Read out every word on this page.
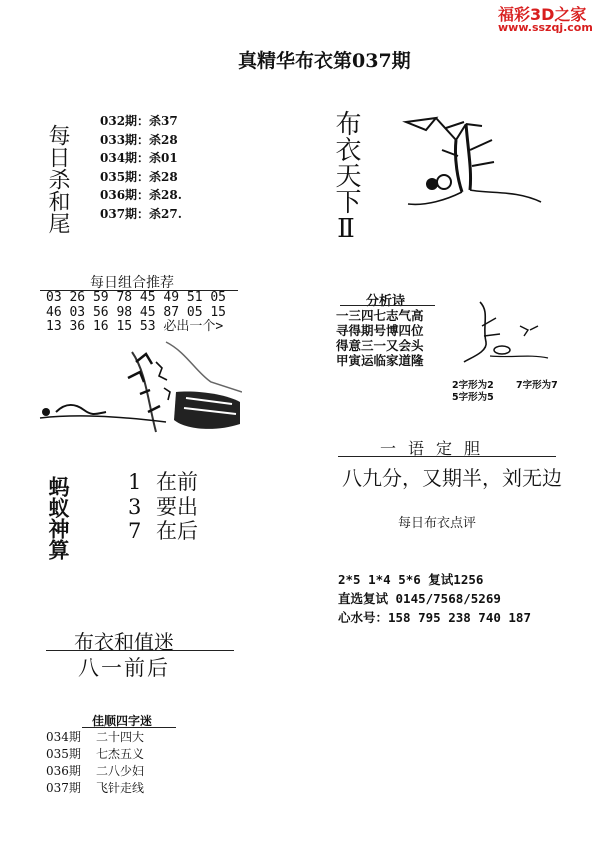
福彩3D之家
www.sszqj.com
真精华布衣第037期
每日杀和尾
032期：杀37
033期：杀28
034期：杀01
035期：杀28
036期：杀28.
037期：杀27.	布衣天下Ⅱ
每日组合推荐
03 26 59 78 45 49 51 05
46 03 56 98 45 87 05 15
13 36 16 15 53 必出一个>
分析诗
一三四七志气高
寻得期号博四位
得意三一又会头
甲寅运临家道隆
2字形为2 7字形为7
5字形为5
蚂蚁神算	1 在前
3 要出
7 在后
一语定胆
八九分，又期半，刘无边
每日布衣点评
2*5 1*4 5*6 复试1256
直选复试 0145/7568/5269
心水号：158 795 238 740 187
布衣和值迷
八一前后
佳顺四字迷
034期 二十四大
035期 七杰五义
036期 二八少妇
037期 飞针走线
